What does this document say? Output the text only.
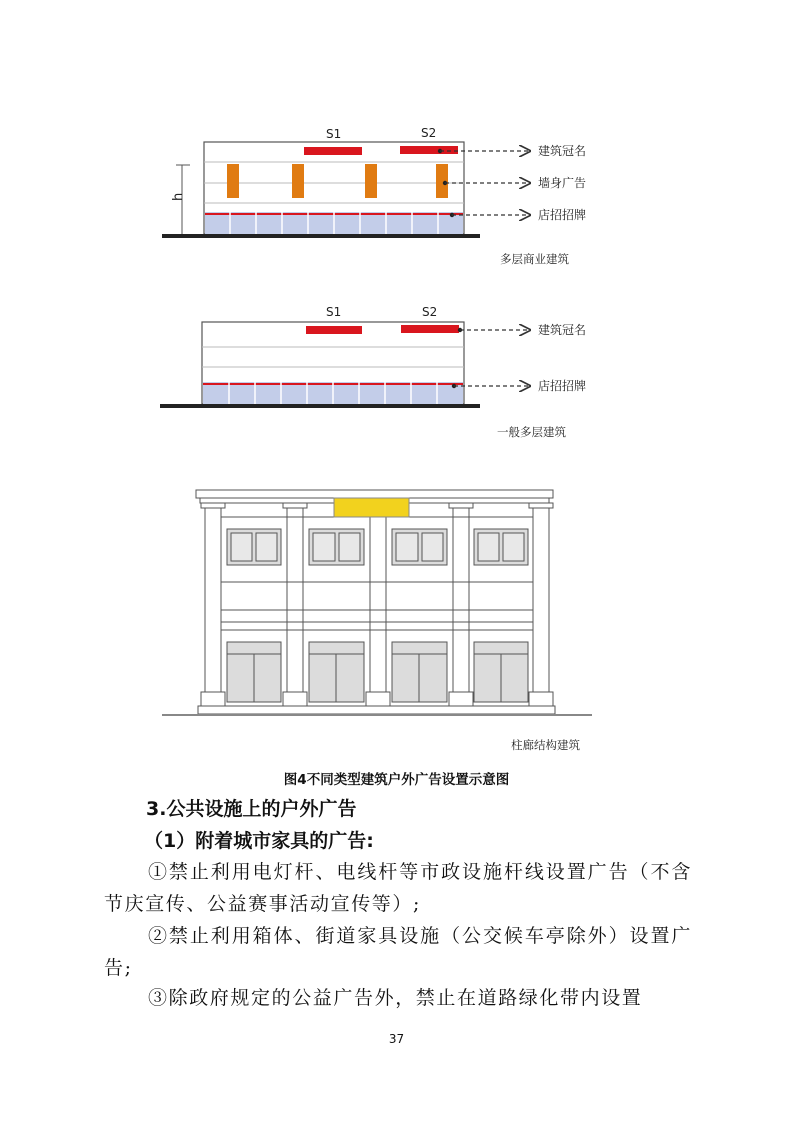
h
S1	S2
建筑冠名
墙身广告
店招招牌
多层商业建筑
S1	S2
建筑冠名
店招招牌
一般多层建筑
柱廊结构建筑
图4不同类型建筑户外广告设置示意图
3.公共设施上的户外广告
（1）附着城市家具的广告:

①禁止利用电灯杆、电线杆等市政设施杆线设置广告（不含节庆宣传、公益赛事活动宣传等）;

②禁止利用箱体、街道家具设施（公交候车亭除外）设置广告;

③除政府规定的公益广告外，禁止在道路绿化带内设置

37
